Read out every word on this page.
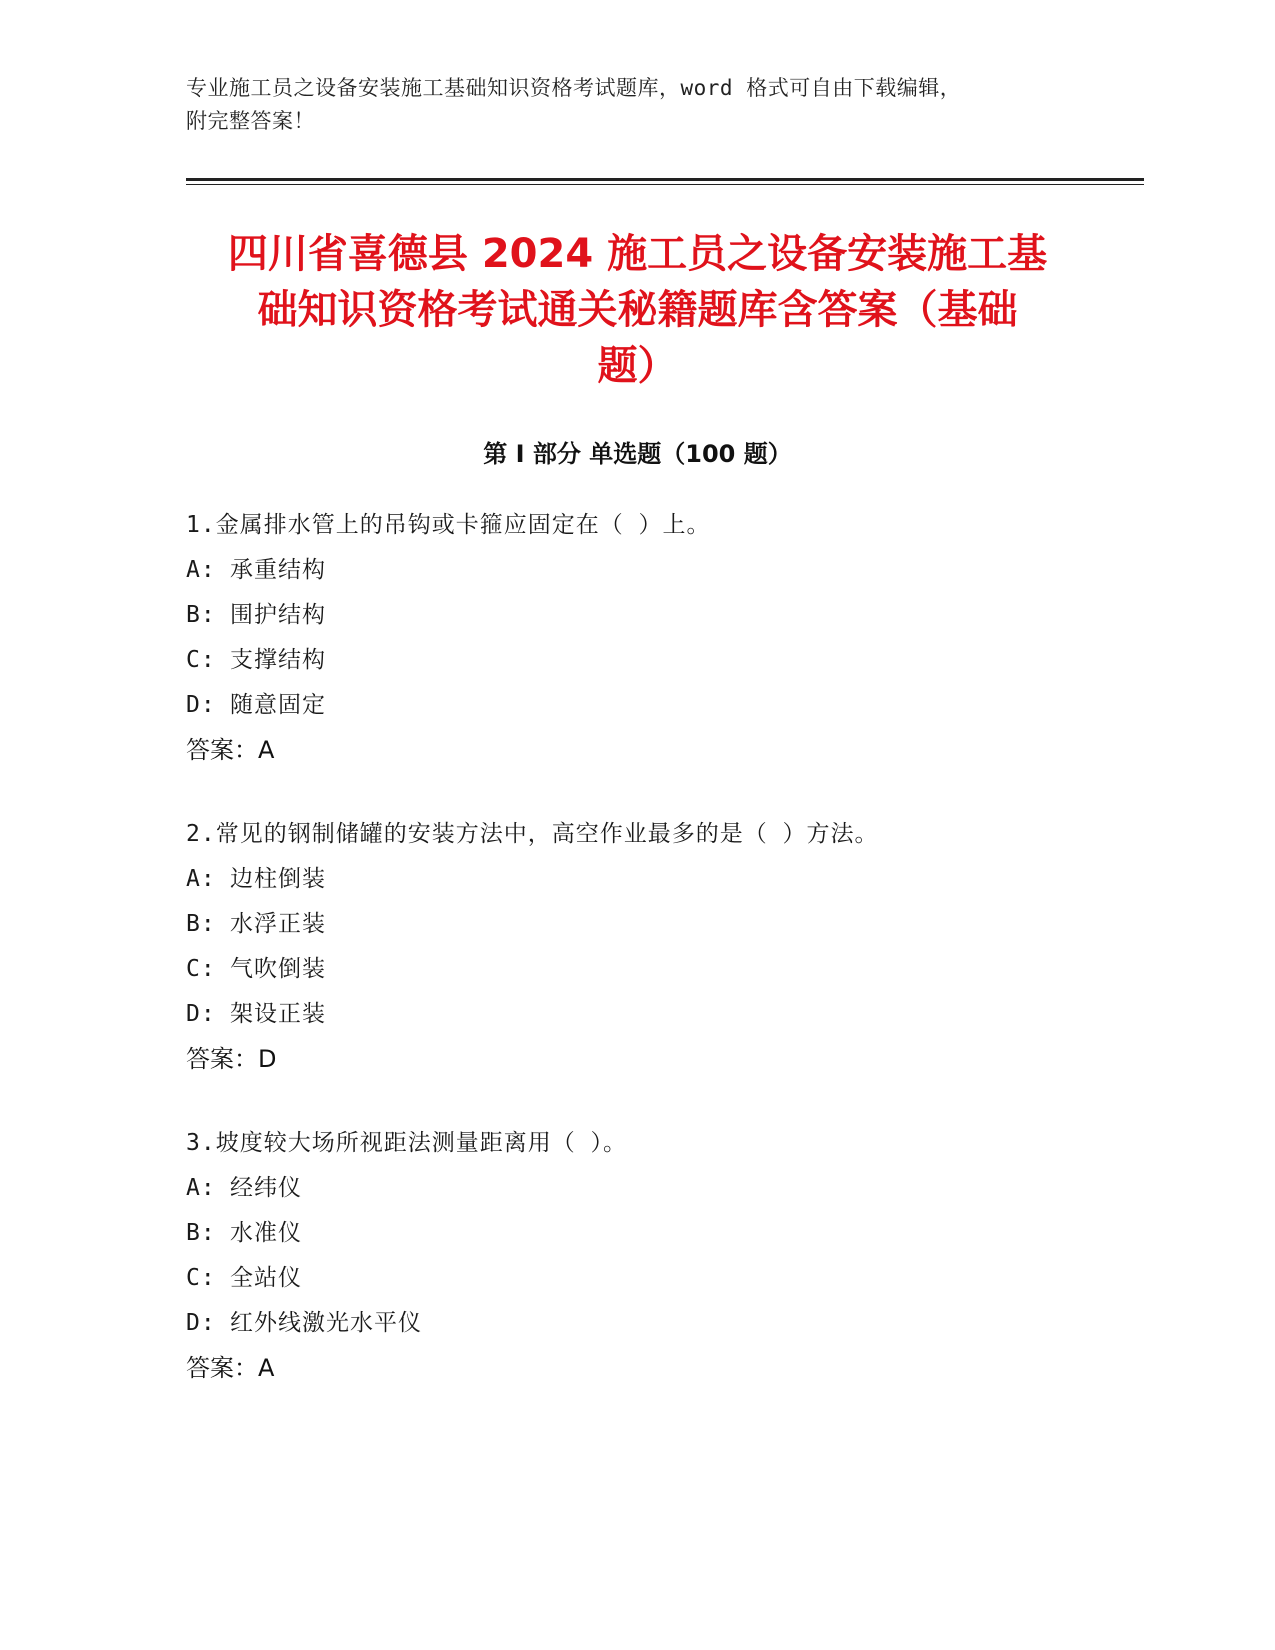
专业施工员之设备安装施工基础知识资格考试题库，word 格式可自由下载编辑，
附完整答案！
四川省喜德县 2024 施工员之设备安装施工基
础知识资格考试通关秘籍题库含答案（基础
题）
第 I 部分 单选题（100 题）
1.金属排水管上的吊钩或卡箍应固定在（ ）上。
A: 承重结构
B: 围护结构
C: 支撑结构
D: 随意固定
答案：A
2.常见的钢制储罐的安装方法中，高空作业最多的是（ ）方法。
A: 边柱倒装
B: 水浮正装
C: 气吹倒装
D: 架设正装
答案：D
3.坡度较大场所视距法测量距离用（ ）。
A: 经纬仪
B: 水准仪
C: 全站仪
D: 红外线激光水平仪
答案：A
